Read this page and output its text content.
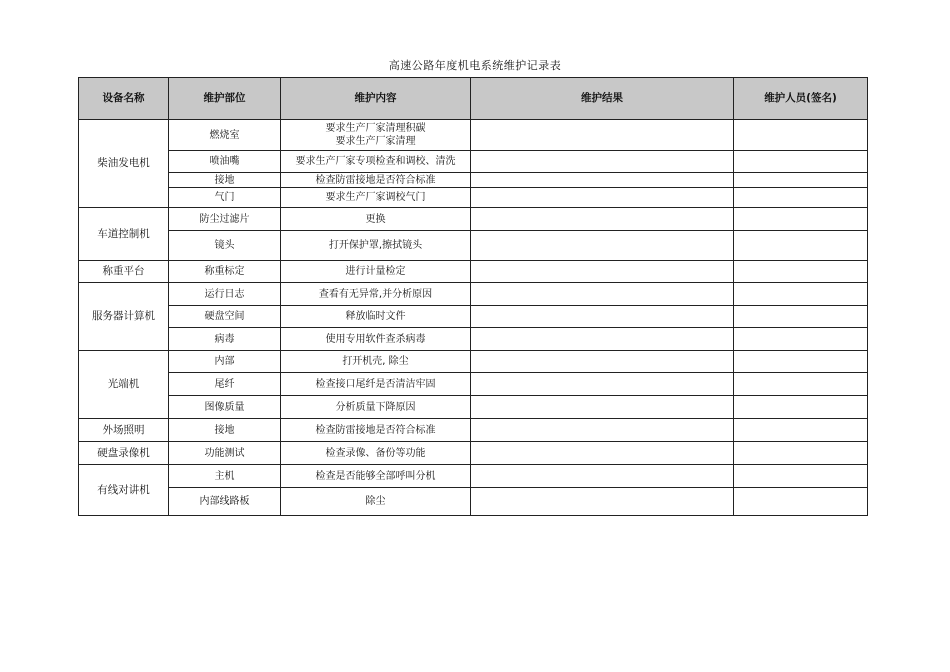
高速公路年度机电系统维护记录表
设备名称	维护部位	维护内容	维护结果	维护人员(签名)
柴油发电机	燃烧室	要求生产厂家清理积碳
要求生产厂家清理		

	喷油嘴	要求生产厂家专项检查和调校、清洗		

	接地	检查防雷接地是否符合标准		

	气门	要求生产厂家调校气门		

车道控制机	防尘过滤片	更换		

	镜头	打开保护罩,擦拭镜头		

称重平台	称重标定	进行计量检定		

服务器计算机	运行日志	查看有无异常,并分析原因		

	硬盘空间	释放临时文件		

	病毒	使用专用软件查杀病毒		

光端机	内部	打开机壳, 除尘		

	尾纤	检查接口尾纤是否清洁牢固		

	图像质量	分析质量下降原因		

外场照明	接地	检查防雷接地是否符合标准		

硬盘录像机	功能测试	检查录像、备份等功能		

有线对讲机	主机	检查是否能够全部呼叫分机		

	内部线路板	除尘		
